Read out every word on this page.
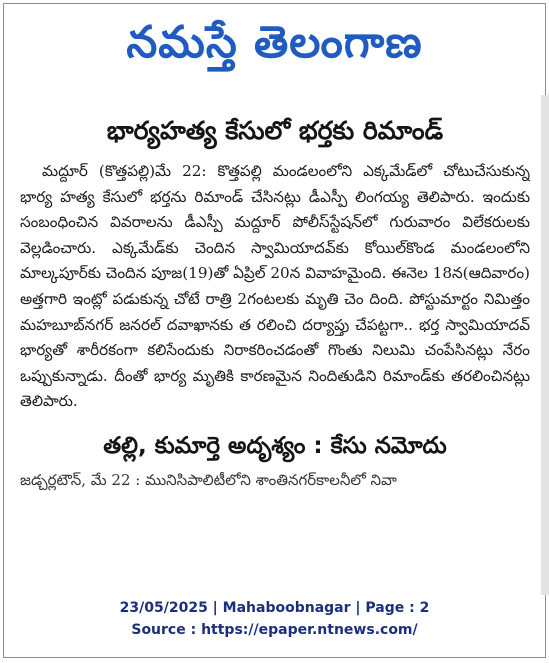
నమస్తే తెలంగాణ
భార్యహత్య కేసులో భర్తకు రిమాండ్

మద్దూర్ (కొత్తపల్లి)మే 22: కొత్తపల్లి మండలంలోని ఎక్కమేడ్‌లో చోటుచేసుకున్న భార్య హత్య కేసులో భర్తను రిమాండ్ చేసినట్లు డీఎస్పీ లింగయ్య తెలిపారు. ఇందుకు సంబంధించిన వివరాలను డీఎస్పీ మద్దూర్ పోలీస్‌స్టేషన్‌లో గురువారం విలేకరులకు వెల్లడించారు. ఎక్కమేడ్‌కు చెందిన స్వామియాదవ్‌కు కోయిల్‌కొండ మండలంలోని మాల్కపూర్‌కు చెందిన పూజ(19)తో ఏప్రిల్ 20న వివాహమైంది. ఈనెల 18న(ఆదివారం) అత్తగారి ఇంట్లో పడుకున్న చోటే రాత్రి 2గంటలకు మృతి చెం దింది. పోస్టుమార్టం నిమిత్తం మహబూబ్‌నగర్ జనరల్ దవాఖానకు త రలించి దర్యాప్తు చేపట్టగా.. భర్త స్వామియాదవ్ భార్యతో శారీరకంగా కలిసేందుకు నిరాకరించడంతో గొంతు నిలుమి చంపేసినట్లు నేరం ఒప్పుకున్నాడు. దీంతో భార్య మృతికి కారణమైన నిందితుడిని రిమాండ్‌కు తరలించినట్లు తెలిపారు.

తల్లి, కుమార్తె అదృశ్యం : కేసు నమోదు
జడ్చర్లటౌన్, మే 22 : మునిసిపాలిటీలోని శాంతినగర్‌కాలనీలో నివా
23/05/2025 | Mahaboobnagar | Page : 2
Source : https://epaper.ntnews.com/
